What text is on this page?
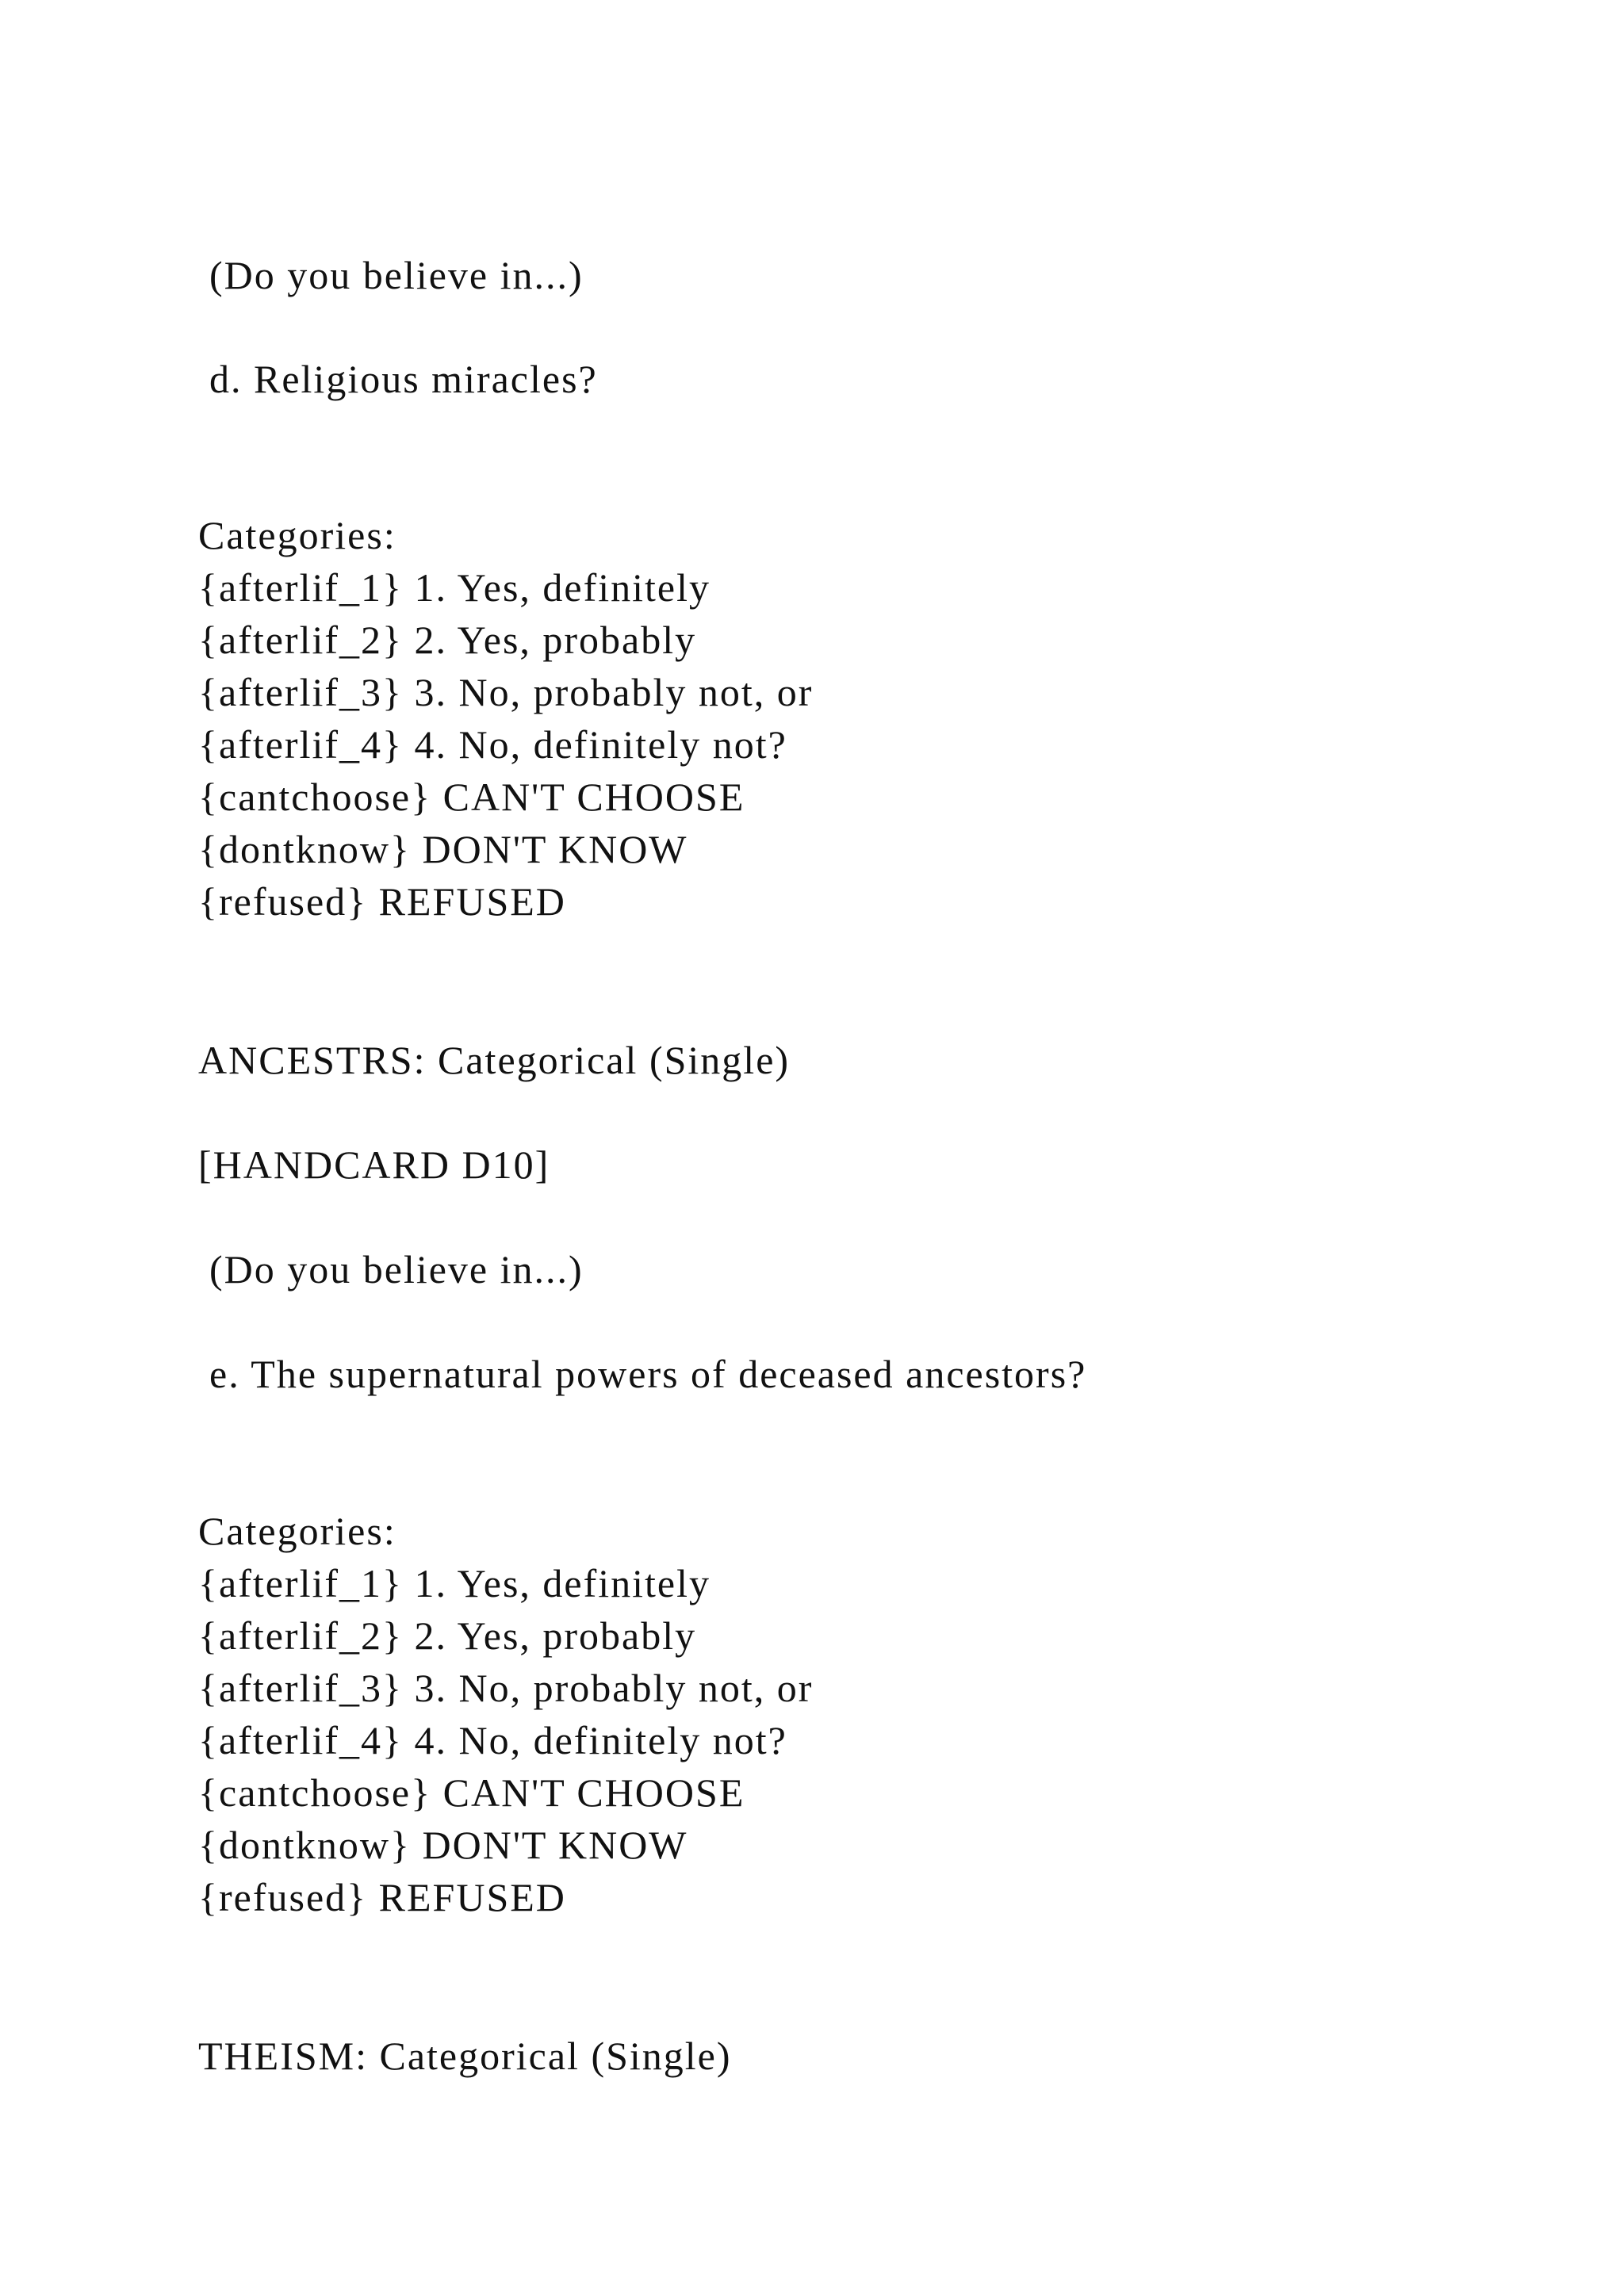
(Do you believe in...)

d. Religious miracles?

Categories:

{afterlif_1} 1. Yes, definitely

{afterlif_2} 2. Yes, probably

{afterlif_3} 3. No, probably not, or

{afterlif_4} 4. No, definitely not?

{cantchoose} CAN'T CHOOSE

{dontknow} DON'T KNOW

{refused} REFUSED

ANCESTRS: Categorical (Single)

[HANDCARD D10]

(Do you believe in...)

e. The supernatural powers of deceased ancestors?

Categories:

{afterlif_1} 1. Yes, definitely

{afterlif_2} 2. Yes, probably

{afterlif_3} 3. No, probably not, or

{afterlif_4} 4. No, definitely not?

{cantchoose} CAN'T CHOOSE

{dontknow} DON'T KNOW

{refused} REFUSED

THEISM: Categorical (Single)
